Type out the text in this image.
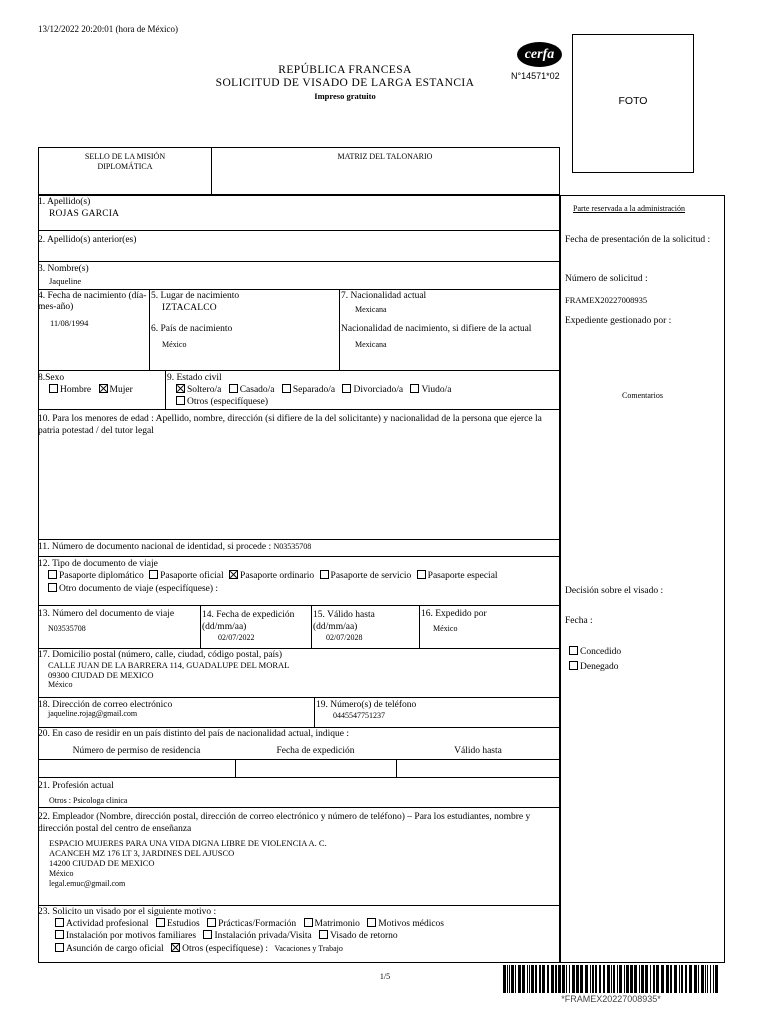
13/12/2022 20:20:01 (hora de México)
REPÚBLICA FRANCESA
SOLICITUD DE VISADO DE LARGA ESTANCIA
Impreso gratuito
cerfa
N°14571*02
FOTO
SELLO DE LA MISIÓN DIPLOMÁTICA
MATRIZ DEL TALONARIO
Parte reservada a la administración
Fecha de presentación de la solicitud :
Número de solicitud :
FRAMEX20227008935
Expediente gestionado por :
Comentarios
Decisión sobre el visado :
Fecha :
Concedido
Denegado
1. Apellido(s)
ROJAS GARCIA
2. Apellido(s) anterior(es)
3. Nombre(s)
Jaqueline
4. Fecha de nacimiento (día-mes-año)
11/08/1994
5. Lugar de nacimiento
IZTACALCO
6. País de nacimiento
México
7. Nacionalidad actual
Mexicana
Nacionalidad de nacimiento, si difiere de la actual
Mexicana
8.Sexo
Hombre Mujer
9. Estado civil
Soltero/a Casado/a Separado/a Divorciado/a Viudo/a
Otros (especifíquese)
10. Para los menores de edad : Apellido, nombre, dirección (si difiere de la del solicitante) y nacionalidad de la persona que ejerce la patria potestad / del tutor legal
11. Número de documento nacional de identidad, si procede : N03535708
12. Tipo de documento de viaje
Pasaporte diplomático Pasaporte oficial Pasaporte ordinario Pasaporte de servicio Pasaporte especial
Otro documento de viaje (especifíquese) :
13. Número del documento de viaje
N03535708
14. Fecha de expedición (dd/mm/aa)
02/07/2022
15. Válido hasta (dd/mm/aa)
02/07/2028
16. Expedido por
México
17. Domicilio postal (número, calle, ciudad, código postal, país)
CALLE JUAN DE LA BARRERA 114, GUADALUPE DEL MORAL
09300 CIUDAD DE MEXICO
México
18. Dirección de correo electrónico
jaqueline.rojag@gmail.com
19. Número(s) de teléfono
0445547751237
20. En caso de residir en un país distinto del país de nacionalidad actual, indique :
Número de permiso de residencia	Fecha de expedición	Válido hasta
21. Profesión actual
Otros : Psicologa clinica
22. Empleador (Nombre, dirección postal, dirección de correo electrónico y número de teléfono) – Para los estudiantes, nombre y dirección postal del centro de enseñanza
ESPACIO MUJERES PARA UNA VIDA DIGNA LIBRE DE VIOLENCIA A. C.
ACANCEH MZ 176 LT 3, JARDINES DEL AJUSCO
14200 CIUDAD DE MEXICO
México
legal.emuc@gmail.com
23. Solicito un visado por el siguiente motivo :
Actividad profesional Estudios Prácticas/Formación Matrimonio Motivos médicos
Instalación por motivos familiares Instalación privada/Visita Visado de retorno
Asunción de cargo oficial Otros (especifíquese) : Vacaciones y Trabajo
1/5
*FRAMEX20227008935*
